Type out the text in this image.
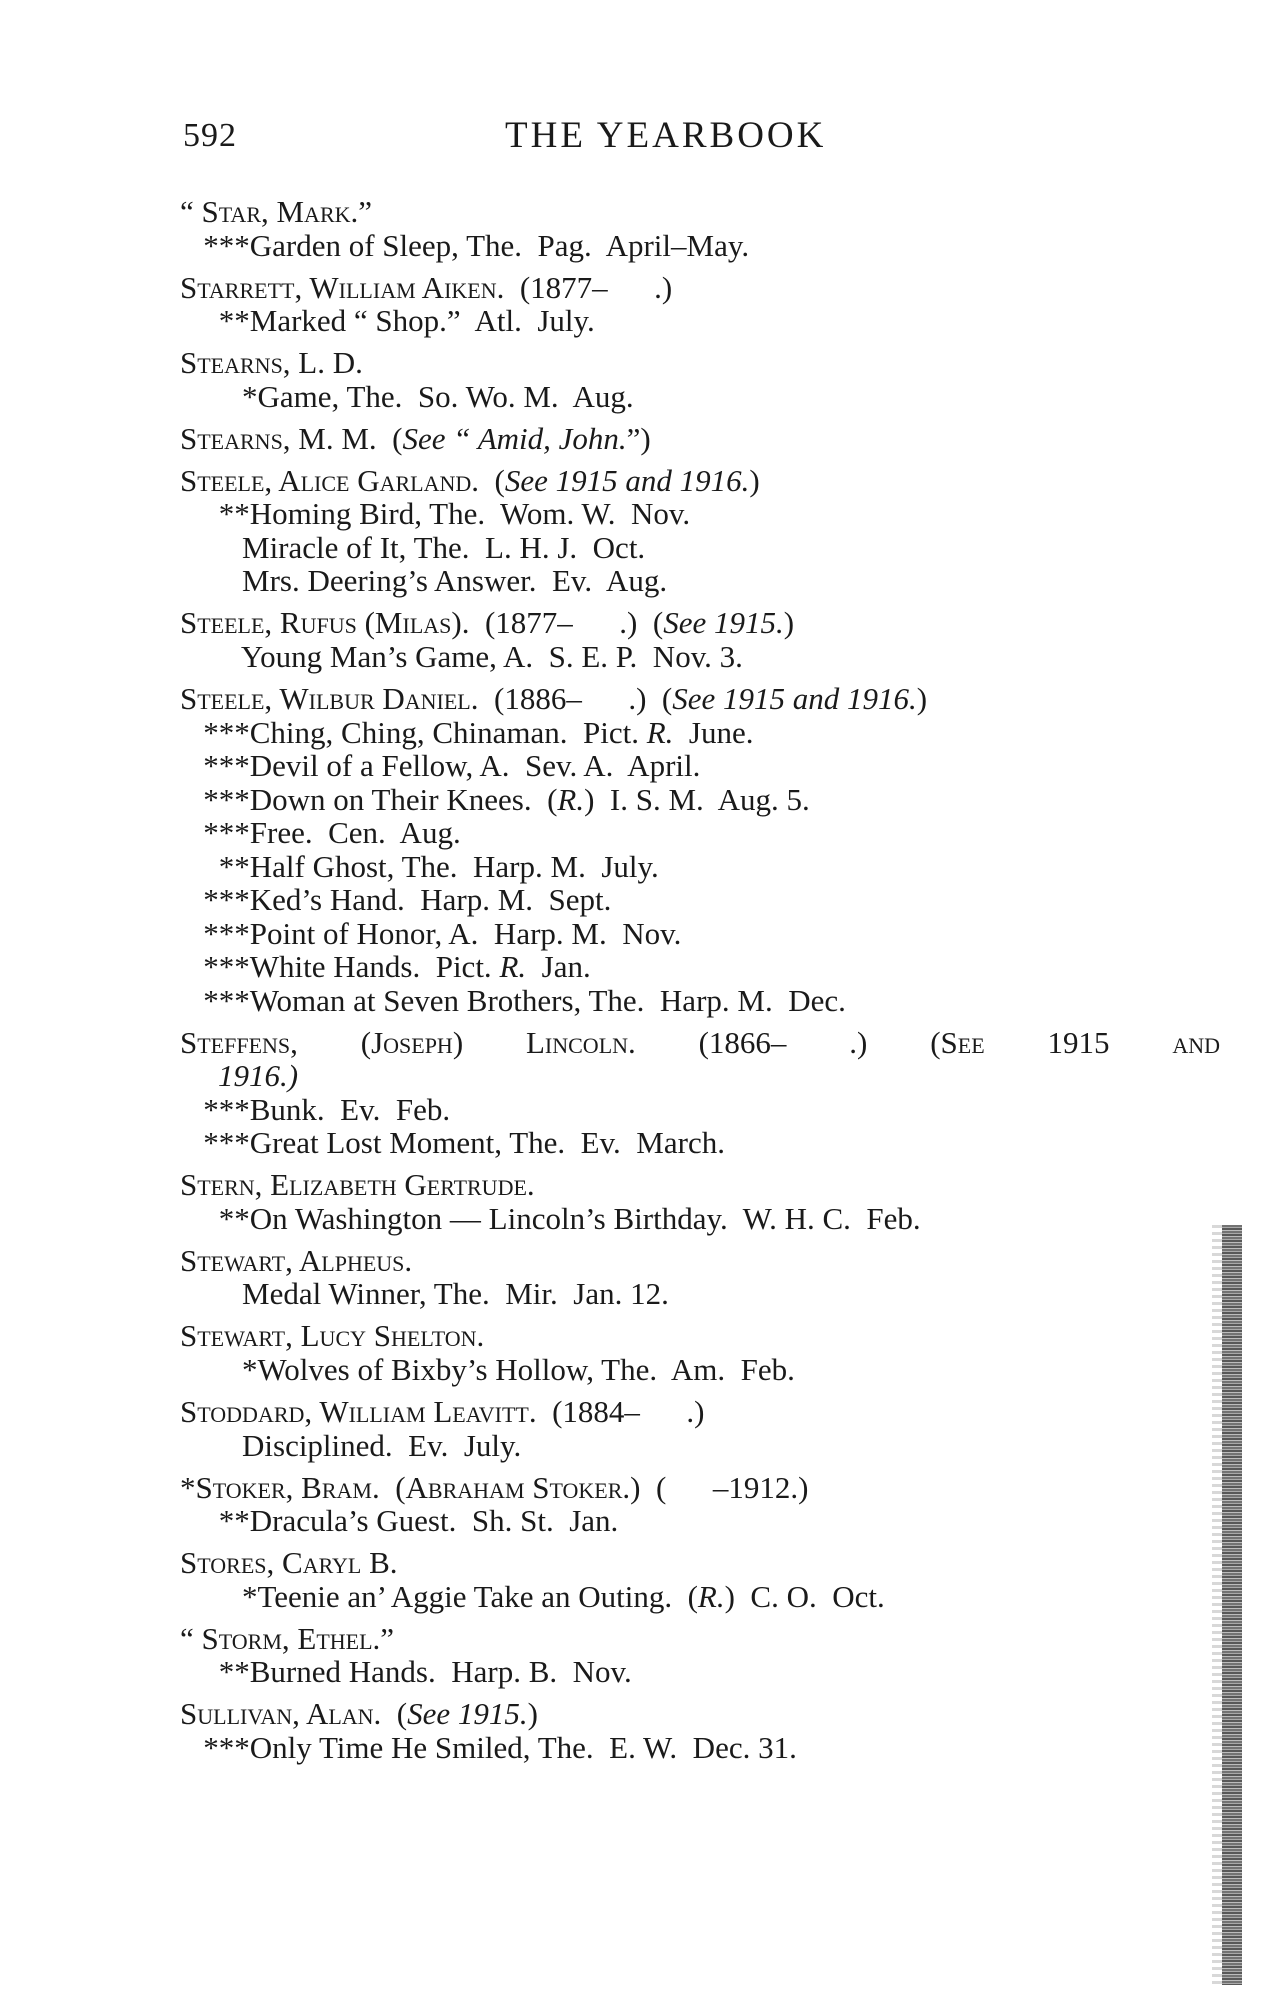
592	THE YEARBOOK
“ Star, Mark.”
***Garden of Sleep, The.  Pag.  April–May.
Starrett, William Aiken.  (1877–      .)
**Marked “ Shop.”  Atl.  July.
Stearns, L. D.
*Game, The.  So. Wo. M.  Aug.
Stearns, M. M.  (See “ Amid, John.”)
Steele, Alice Garland.  (See 1915 and 1916.)
**Homing Bird, The.  Wom. W.  Nov.
Miracle of It, The.  L. H. J.  Oct.
Mrs. Deering’s Answer.  Ev.  Aug.
Steele, Rufus (Milas).  (1877–      .)  (See 1915.)
Young Man’s Game, A.  S. E. P.  Nov. 3.
Steele, Wilbur Daniel.  (1886–      .)  (See 1915 and 1916.)
***Ching, Ching, Chinaman.  Pict. R.  June.
***Devil of a Fellow, A.  Sev. A.  April.
***Down on Their Knees.  (R.)  I. S. M.  Aug. 5.
***Free.  Cen.  Aug.
**Half Ghost, The.  Harp. M.  July.
***Ked’s Hand.  Harp. M.  Sept.
***Point of Honor, A.  Harp. M.  Nov.
***White Hands.  Pict. R.  Jan.
***Woman at Seven Brothers, The.  Harp. M.  Dec.
Steffens, (Joseph) Lincoln. (1866– .) (See 1915 and
1916.)
***Bunk.  Ev.  Feb.
***Great Lost Moment, The.  Ev.  March.
Stern, Elizabeth Gertrude.
**On Washington — Lincoln’s Birthday.  W. H. C.  Feb.
Stewart, Alpheus.
Medal Winner, The.  Mir.  Jan. 12.
Stewart, Lucy Shelton.
*Wolves of Bixby’s Hollow, The.  Am.  Feb.
Stoddard, William Leavitt.  (1884–      .)
Disciplined.  Ev.  July.
*Stoker, Bram.  (Abraham Stoker.)  (      –1912.)
**Dracula’s Guest.  Sh. St.  Jan.
Stores, Caryl B.
*Teenie an’ Aggie Take an Outing.  (R.)  C. O.  Oct.
“ Storm, Ethel.”
**Burned Hands.  Harp. B.  Nov.
Sullivan, Alan.  (See 1915.)
***Only Time He Smiled, The.  E. W.  Dec. 31.
